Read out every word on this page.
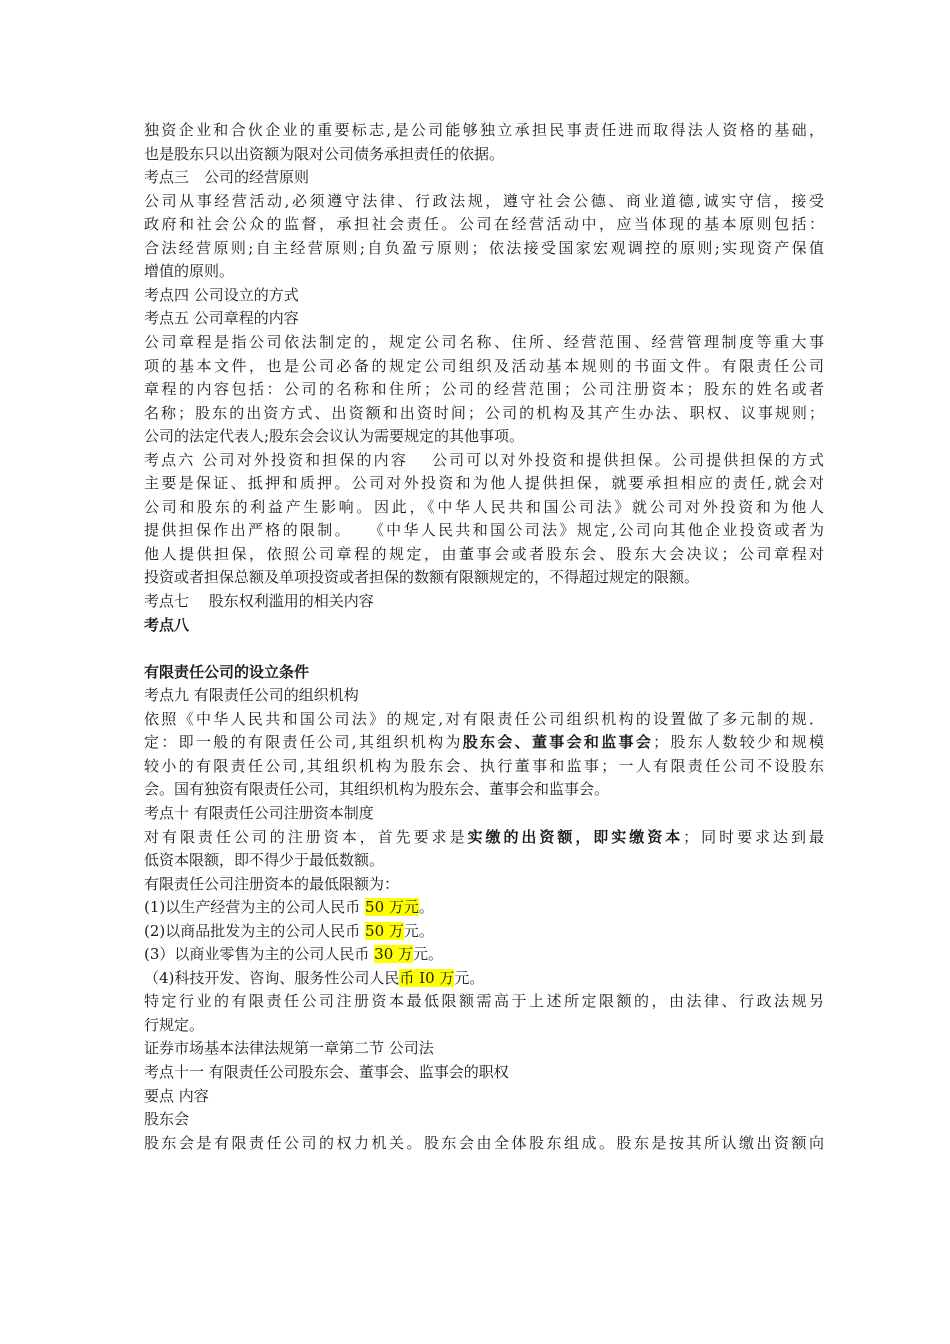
独资企业和合伙企业的重要标志,是公司能够独立承担民事责任进而取得法人资格的基础，

也是股东只以出资额为限对公司债务承担责任的依据。

考点三　公司的经营原则

公司从事经营活动,必须遵守法律、行政法规，遵守社会公德、商业道德,诚实守信，接受

政府和社会公众的监督，承担社会责任。公司在经营活动中，应当体现的基本原则包括：

合法经营原则;自主经营原则;自负盈亏原则；依法接受国家宏观调控的原则;实现资产保值

增值的原则。

考点四 公司设立的方式

考点五 公司章程的内容

公司章程是指公司依法制定的，规定公司名称、住所、经营范围、经营管理制度等重大事

项的基本文件，也是公司必备的规定公司组织及活动基本规则的书面文件。有限责任公司

章程的内容包括：公司的名称和住所；公司的经营范围；公司注册资本；股东的姓名或者

名称；股东的出资方式、出资额和出资时间；公司的机构及其产生办法、职权、议事规则；

公司的法定代表人;股东会会议认为需要规定的其他事项。

考点六 公司对外投资和担保的内容　 公司可以对外投资和提供担保。公司提供担保的方式

主要是保证、抵押和质押。公司对外投资和为他人提供担保，就要承担相应的责任,就会对

公司和股东的利益产生影响。因此，《中华人民共和国公司法》就公司对外投资和为他人

提供担保作出严格的限制。　 《中华人民共和国公司法》规定,公司向其他企业投资或者为

他人提供担保，依照公司章程的规定，由董事会或者股东会、股东大会决议；公司章程对

投资或者担保总额及单项投资或者担保的数额有限额规定的，不得超过规定的限额。

考点七　 股东权利滥用的相关内容

考点八

有限责任公司的设立条件

考点九 有限责任公司的组织机构

依照《中华人民共和国公司法》的规定,对有限责任公司组织机构的设置做了多元制的规．

定：即一般的有限责任公司,其组织机构为股东会、董事会和监事会；股东人数较少和规模

较小的有限责任公司,其组织机构为股东会、执行董事和监事；一人有限责任公司不设股东

会。国有独资有限责任公司，其组织机构为股东会、董事会和监事会。

考点十 有限责任公司注册资本制度

对有限责任公司的注册资本，首先要求是实缴的出资额，即实缴资本；同时要求达到最

低资本限额，即不得少于最低数额。

有限责任公司注册资本的最低限额为：

(1)以生产经营为主的公司人民币 50 万元。

(2)以商品批发为主的公司人民币 50 万元。

(3）以商业零售为主的公司人民币 30 万元。

（4)科技开发、咨询、服务性公司人民币 I0 万元。

特定行业的有限责任公司注册资本最低限额需高于上述所定限额的，由法律、行政法规另

行规定。

证券市场基本法律法规第一章第二节 公司法

考点十一 有限责任公司股东会、董事会、监事会的职权

要点 内容

股东会

股东会是有限责任公司的权力机关。股东会由全体股东组成。股东是按其所认缴出资额向
